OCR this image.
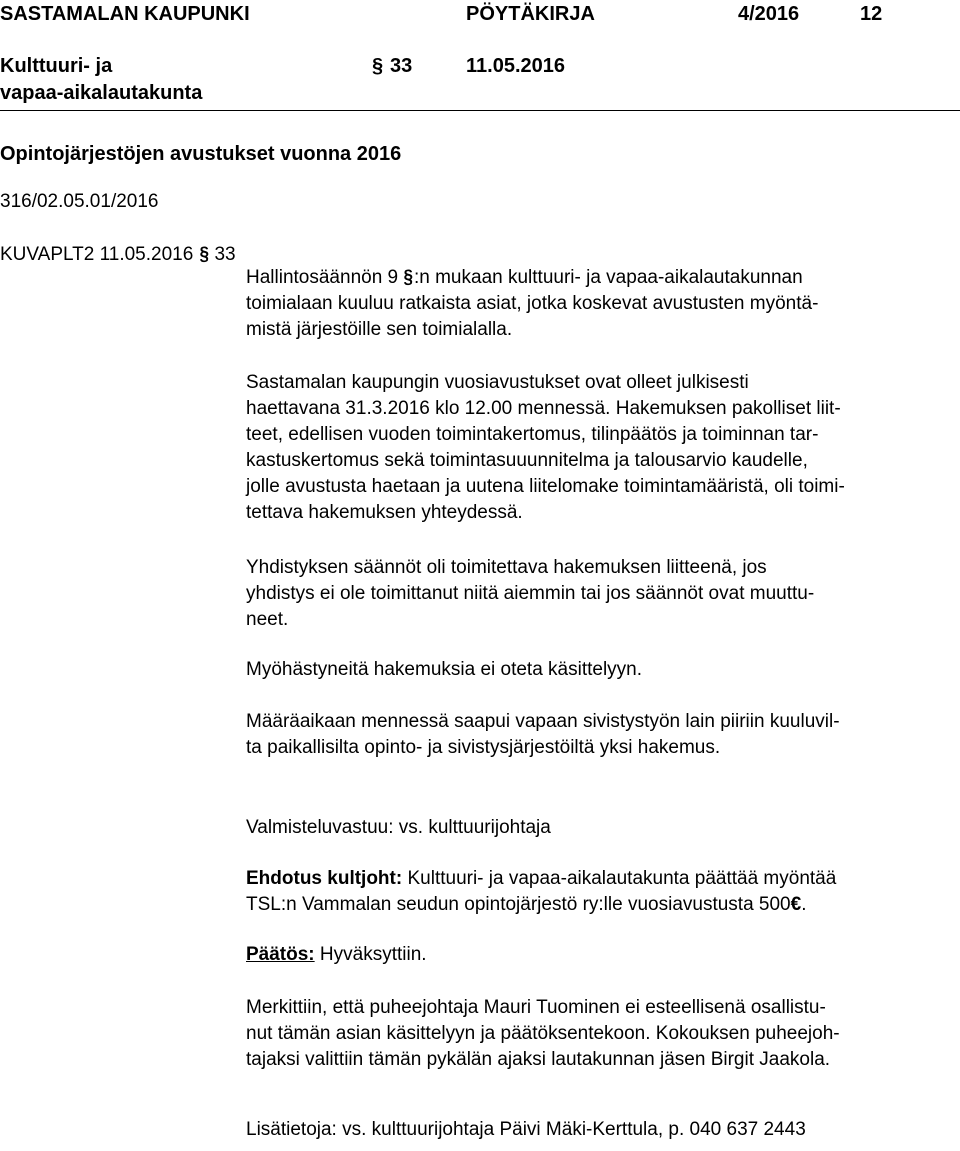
SASTAMALAN KAUPUNKI	PÖYTÄKIRJA	4/2016	12
Kulttuuri- ja
vapaa-aikalautakunta
§ 33	11.05.2016
Opintojärjestöjen avustukset vuonna 2016
316/02.05.01/2016
KUVAPLT2 11.05.2016 § 33
Hallintosäännön 9 §:n mukaan kulttuuri- ja vapaa-aikalautakunnan
toimialaan kuuluu ratkaista asiat, jotka koskevat avustusten myöntä-
mistä järjestöille sen toimialalla.
Sastamalan kaupungin vuosiavustukset ovat olleet julkisesti
haettavana 31.3.2016 klo 12.00 mennessä. Hakemuksen pakolliset liit-
teet, edellisen vuoden toimintakertomus, tilinpäätös ja toiminnan tar-
kastuskertomus sekä toimintasuuunnitelma ja talousarvio kaudelle,
jolle avustusta haetaan ja uutena liitelomake toimintamääristä, oli toimi-
tettava hakemuksen yhteydessä.
Yhdistyksen säännöt oli toimitettava hakemuksen liitteenä, jos
yhdistys ei ole toimittanut niitä aiemmin tai jos säännöt ovat muuttu-
neet.
Myöhästyneitä hakemuksia ei oteta käsittelyyn.
Määräaikaan mennessä saapui vapaan sivistystyön lain piiriin kuuluvil-
ta paikallisilta opinto- ja sivistysjärjestöiltä yksi hakemus.
Valmisteluvastuu: vs. kulttuurijohtaja
Ehdotus kultjoht: Kulttuuri- ja vapaa-aikalautakunta päättää myöntää
TSL:n Vammalan seudun opintojärjestö ry:lle vuosiavustusta 500€.
Päätös: Hyväksyttiin.
Merkittiin, että puheejohtaja Mauri Tuominen ei esteellisenä osallistu-
nut tämän asian käsittelyyn ja päätöksentekoon. Kokouksen puheejoh-
tajaksi valittiin tämän pykälän ajaksi lautakunnan jäsen Birgit Jaakola.
Lisätietoja: vs. kulttuurijohtaja Päivi Mäki-Kerttula, p. 040 637 2443
